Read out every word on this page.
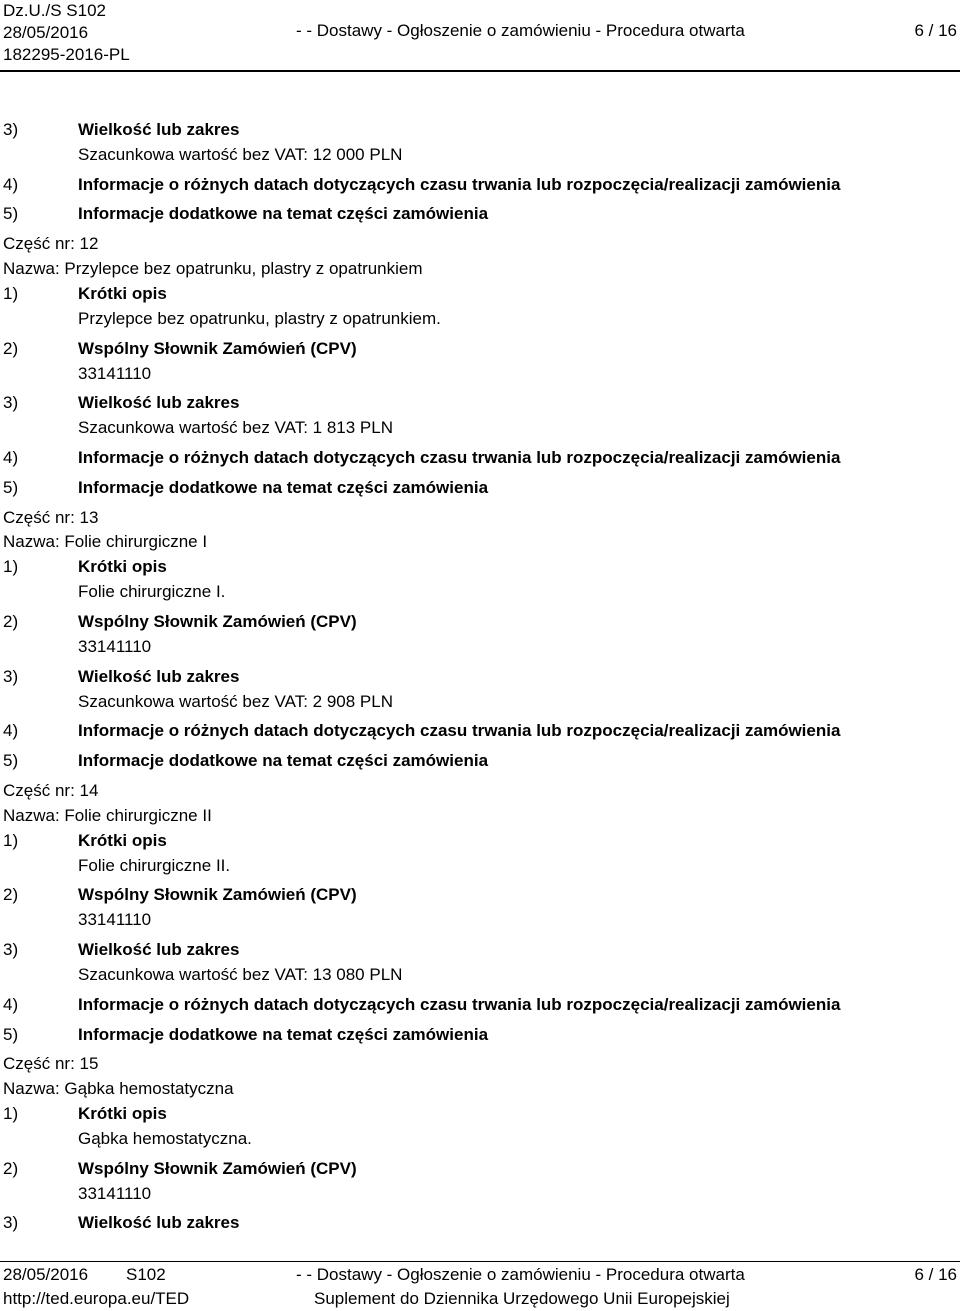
Dz.U./S S102
28/05/2016
182295-2016-PL
- - Dostawy - Ogłoszenie o zamówieniu - Procedura otwarta	6 / 16
3)	Wielkość lub zakres
Szacunkowa wartość bez VAT: 12 000 PLN
4)	Informacje o różnych datach dotyczących czasu trwania lub rozpoczęcia/realizacji zamówienia
5)	Informacje dodatkowe na temat części zamówienia
Część nr: 12
Nazwa: Przylepce bez opatrunku, plastry z opatrunkiem
1)	Krótki opis
Przylepce bez opatrunku, plastry z opatrunkiem.
2)	Wspólny Słownik Zamówień (CPV)
33141110
3)	Wielkość lub zakres
Szacunkowa wartość bez VAT: 1 813 PLN
4)	Informacje o różnych datach dotyczących czasu trwania lub rozpoczęcia/realizacji zamówienia
5)	Informacje dodatkowe na temat części zamówienia
Część nr: 13
Nazwa: Folie chirurgiczne I
1)	Krótki opis
Folie chirurgiczne I.
2)	Wspólny Słownik Zamówień (CPV)
33141110
3)	Wielkość lub zakres
Szacunkowa wartość bez VAT: 2 908 PLN
4)	Informacje o różnych datach dotyczących czasu trwania lub rozpoczęcia/realizacji zamówienia
5)	Informacje dodatkowe na temat części zamówienia
Część nr: 14
Nazwa: Folie chirurgiczne II
1)	Krótki opis
Folie chirurgiczne II.
2)	Wspólny Słownik Zamówień (CPV)
33141110
3)	Wielkość lub zakres
Szacunkowa wartość bez VAT: 13 080 PLN
4)	Informacje o różnych datach dotyczących czasu trwania lub rozpoczęcia/realizacji zamówienia
5)	Informacje dodatkowe na temat części zamówienia
Część nr: 15
Nazwa: Gąbka hemostatyczna
1)	Krótki opis
Gąbka hemostatyczna.
2)	Wspólny Słownik Zamówień (CPV)
33141110
3)	Wielkość lub zakres
28/05/2016 S102
http://ted.europa.eu/TED
- - Dostawy - Ogłoszenie o zamówieniu - Procedura otwarta
Suplement do Dziennika Urzędowego Unii Europejskiej
6 / 16
